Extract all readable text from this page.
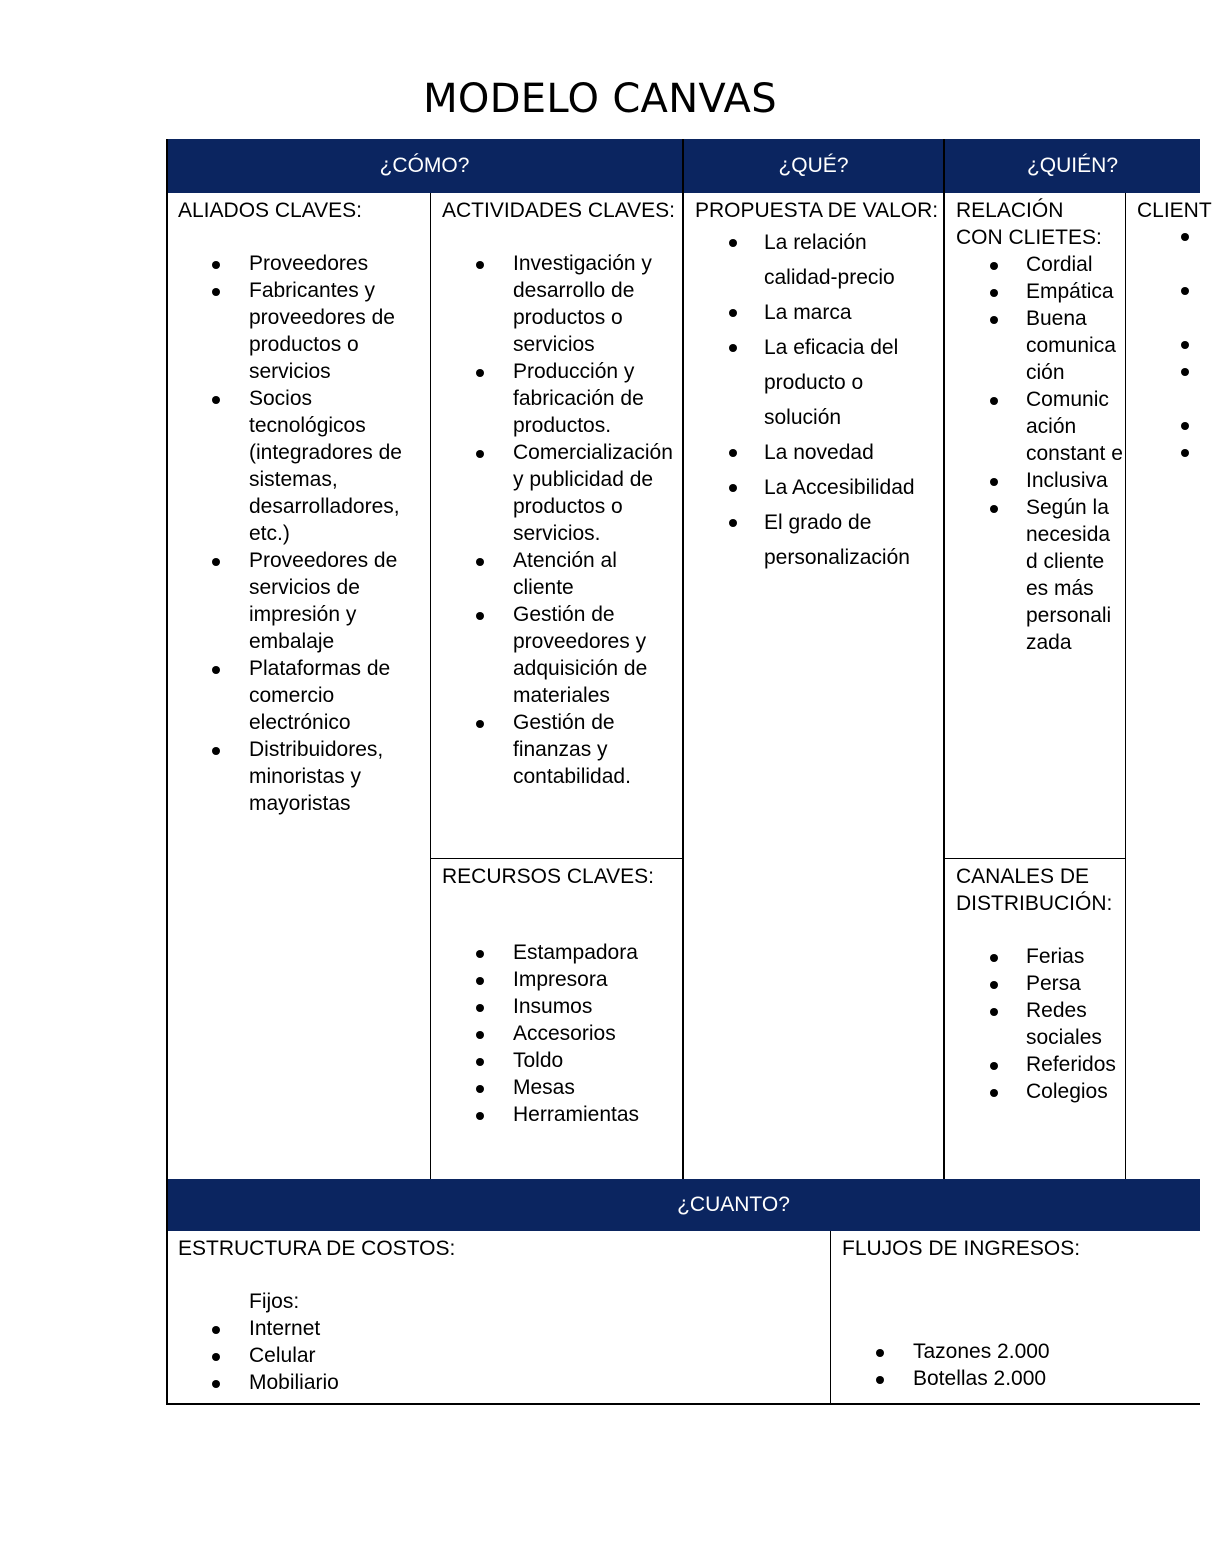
MODELO CANVAS
¿CÓMO?	¿QUÉ?	¿QUIÉN?
¿CUANTO?
ALIADOS CLAVES:
Proveedores
Fabricantes y proveedores de productos o servicios
Socios tecnológicos (integradores de sistemas, desarrolladores, etc.)
Proveedores de servicios de impresión y embalaje
Plataformas de comercio electrónico
Distribuidores, minoristas y mayoristas
ACTIVIDADES CLAVES:
Investigación y desarrollo de productos o servicios
Producción y fabricación de productos.
Comercialización y publicidad de productos o servicios.
Atención al cliente
Gestión de proveedores y adquisición de materiales
Gestión de finanzas y contabilidad.
RECURSOS CLAVES:
Estampadora
Impresora
Insumos
Accesorios
Toldo
Mesas
Herramientas
PROPUESTA DE VALOR:
La relación calidad-precio
La marca
La eficacia del producto o solución
La novedad
La Accesibilidad
El grado de personalización
RELACIÓN CON CLIETES:
Cordial
Empática
Buena comunica ción
Comunic ación constant e
Inclusiva
Según la necesida d cliente es más personali zada
CANALES DE DISTRIBUCIÓN:
Ferias
Persa
Redes sociales
Referidos
Colegios
CLIENT
ESTRUCTURA DE COSTOS:
Fijos:
Internet
Celular
Mobiliario
FLUJOS DE INGRESOS:
Tazones 2.000
Botellas 2.000
